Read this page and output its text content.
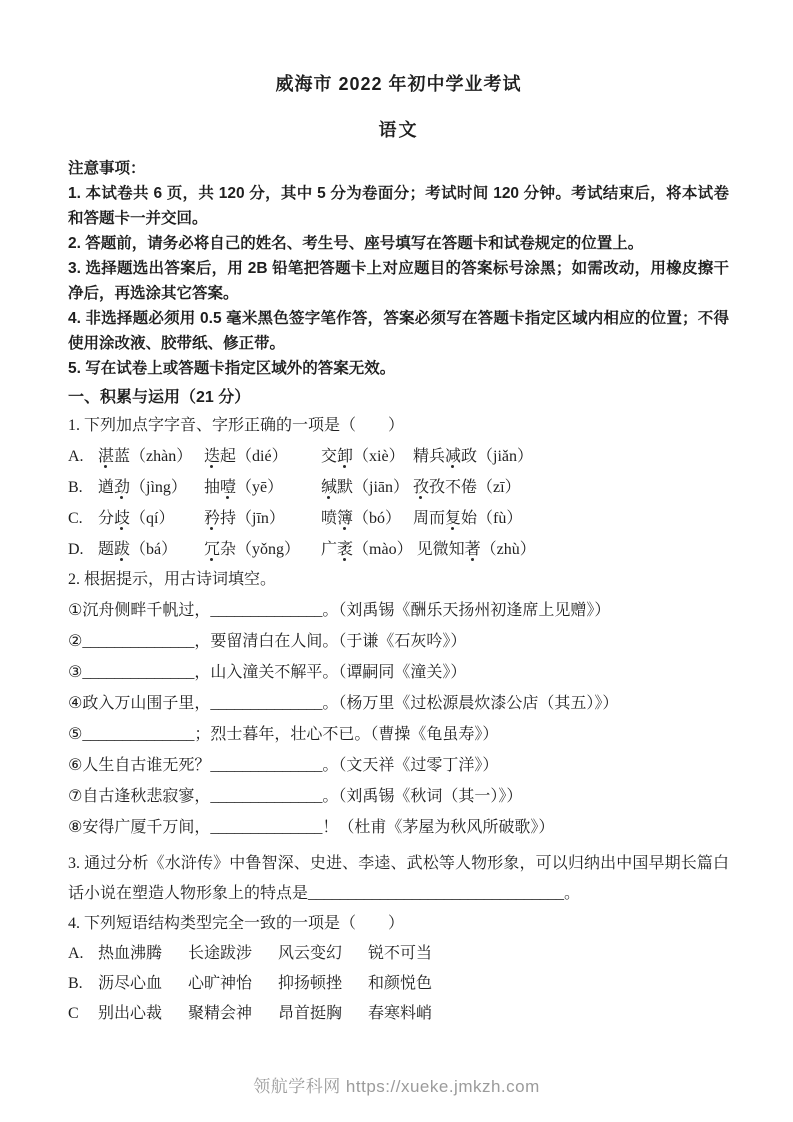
威海市 2022 年初中学业考试
语文
注意事项：
1. 本试卷共 6 页，共 120 分，其中 5 分为卷面分；考试时间 120 分钟。考试结束后，将本试卷和答题卡一并交回。
2. 答题前，请务必将自己的姓名、考生号、座号填写在答题卡和试卷规定的位置上。
3. 选择题选出答案后，用 2B 铅笔把答题卡上对应题目的答案标号涂黑；如需改动，用橡皮擦干净后，再选涂其它答案。
4. 非选择题必须用 0.5 毫米黑色签字笔作答，答案必须写在答题卡指定区域内相应的位置；不得使用涂改液、胶带纸、修正带。
5. 写在试卷上或答题卡指定区域外的答案无效。
一、积累与运用（21 分）
1. 下列加点字字音、字形正确的一项是（　　）
A. 湛蓝（zhàn） 迭起（dié） 交卸（xiè） 精兵减政（jiǎn）
B. 遒劲（jìng） 抽噎（yē） 缄默（jiān） 孜孜不倦（zī）
C. 分歧（qí） 矜持（jīn） 喷簿（bó） 周而复始（fù）
D. 题跋（bá） 冗杂（yǒng） 广袤（mào） 见微知著（zhù）
2. 根据提示，用古诗词填空。
①沉舟侧畔千帆过，______________。（刘禹锡《酬乐天扬州初逢席上见赠》）
②______________，要留清白在人间。（于谦《石灰吟》）
③______________，山入潼关不解平。（谭嗣同《潼关》）
④政入万山围子里，______________。（杨万里《过松源晨炊漆公店（其五）》）
⑤______________；烈士暮年，壮心不已。（曹操《龟虽寿》）
⑥人生自古谁无死？______________。（文天祥《过零丁洋》）
⑦自古逢秋悲寂寥，______________。（刘禹锡《秋词（其一）》）
⑧安得广厦千万间，______________！（杜甫《茅屋为秋风所破歌》）
3. 通过分析《水浒传》中鲁智深、史进、李逵、武松等人物形象，可以归纳出中国早期长篇白话小说在塑造人物形象上的特点是________________________________。
4. 下列短语结构类型完全一致的一项是（　　）
A. 热血沸腾 长途跋涉 风云变幻 锐不可当
B. 沥尽心血 心旷神怡 抑扬顿挫 和颜悦色
C 别出心裁 聚精会神 昂首挺胸 春寒料峭
领航学科网 https://xueke.jmkzh.com
